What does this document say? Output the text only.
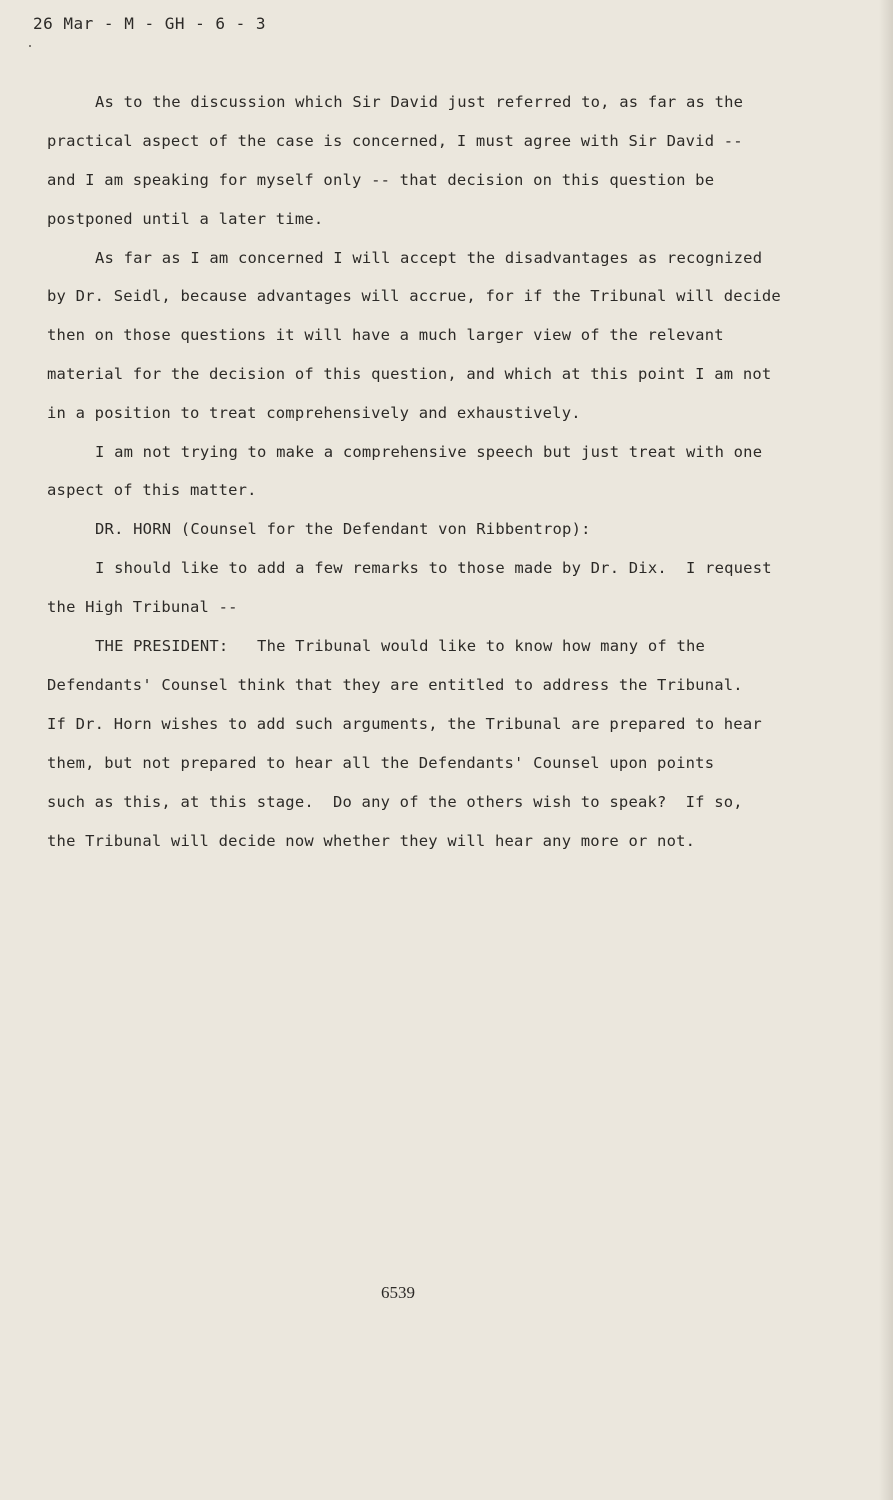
26 Mar - M - GH - 6 - 3
As to the discussion which Sir David just referred to, as far as the
practical aspect of the case is concerned, I must agree with Sir David --
and I am speaking for myself only -- that decision on this question be
postponed until a later time.
As far as I am concerned I will accept the disadvantages as recognized
by Dr. Seidl, because advantages will accrue, for if the Tribunal will decide
then on those questions it will have a much larger view of the relevant
material for the decision of this question, and which at this point I am not
in a position to treat comprehensively and exhaustively.
I am not trying to make a comprehensive speech but just treat with one
aspect of this matter.
DR. HORN (Counsel for the Defendant von Ribbentrop):
I should like to add a few remarks to those made by Dr. Dix.  I request
the High Tribunal --
THE PRESIDENT:   The Tribunal would like to know how many of the
Defendants' Counsel think that they are entitled to address the Tribunal.
If Dr. Horn wishes to add such arguments, the Tribunal are prepared to hear
them, but not prepared to hear all the Defendants' Counsel upon points
such as this, at this stage.  Do any of the others wish to speak?  If so,
the Tribunal will decide now whether they will hear any more or not.
6539
